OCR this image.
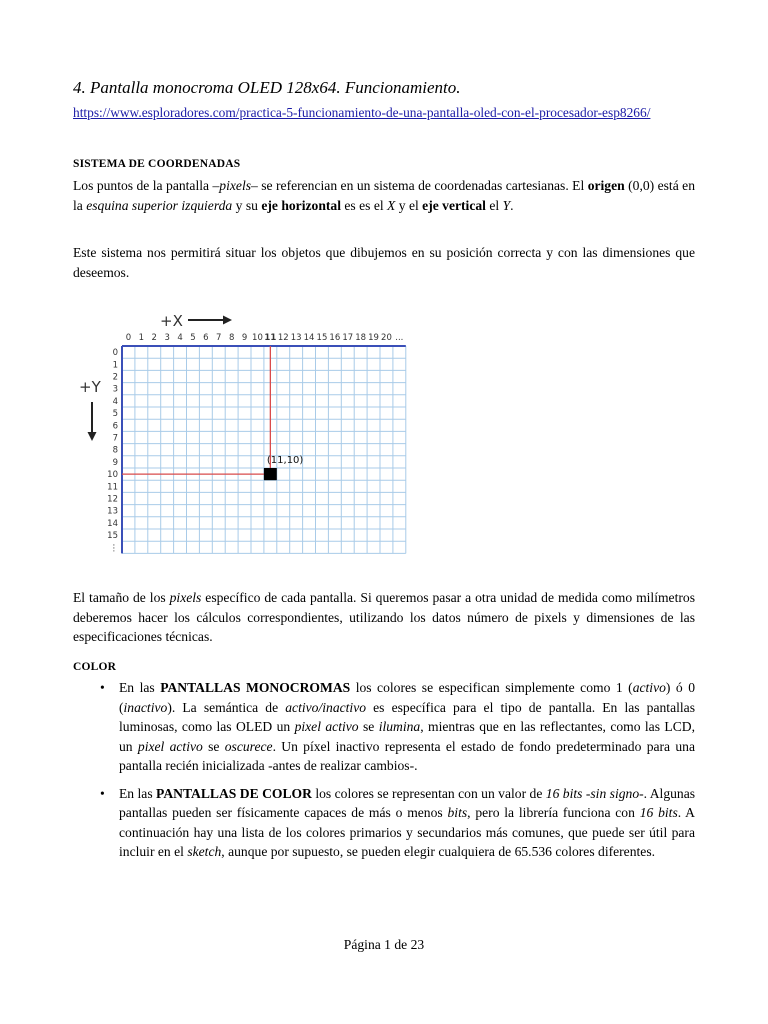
4. Pantalla monocroma OLED 128x64. Funcionamiento.
https://www.esploradores.com/practica-5-funcionamiento-de-una-pantalla-oled-con-el-procesador-esp8266/
SISTEMA DE COORDENADAS
Los puntos de la pantalla –pixels– se referencian en un sistema de coordenadas cartesianas. El origen (0,0) está en la esquina superior izquierda y su eje horizontal es es el X y el eje vertical el Y.
Este sistema nos permitirá situar los objetos que dibujemos en su posición correcta y con las dimensiones que deseemos.
El tamaño de los pixels específico de cada pantalla. Si queremos pasar a otra unidad de medida como milímetros deberemos hacer los cálculos correspondientes, utilizando los datos número de pixels y dimensiones de las especificaciones técnicas.
COLOR
• En las PANTALLAS MONOCROMAS los colores se especifican simplemente como 1 (activo) ó 0 (inactivo). La semántica de activo/inactivo es específica para el tipo de pantalla. En las pantallas luminosas, como las OLED un pixel activo se ilumina, mientras que en las reflectantes, como las LCD, un pixel activo se oscurece. Un píxel inactivo representa el estado de fondo predeterminado para una pantalla recién inicializada -antes de realizar cambios-.
• En las PANTALLAS DE COLOR los colores se representan con un valor de 16 bits -sin signo-. Algunas pantallas pueden ser físicamente capaces de más o menos bits, pero la librería funciona con 16 bits. A continuación hay una lista de los colores primarios y secundarios más comunes, que puede ser útil para incluir en el sketch, aunque por supuesto, se pueden elegir cualquiera de 65.536 colores diferentes.
(11,10)
0 1 2 3 4 5 6 7 8 9 10 11 12 13 14 15 16 17 18 19 20 ...
0
1
2
3
4
5
6
7
8
9
10
11
12
13
14
15
⋮
+X
+Y
Página 1 de 23
